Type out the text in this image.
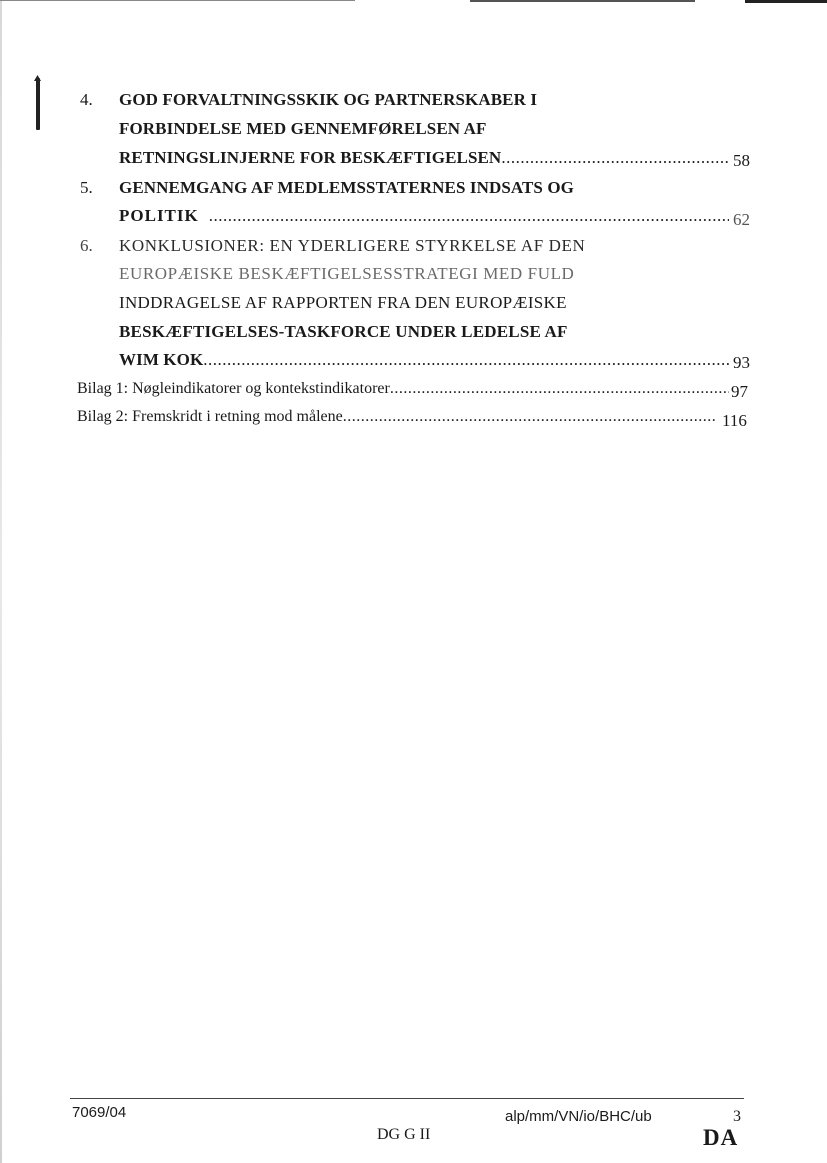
4. GOD FORVALTNINGSSKIK OG PARTNERSKABER I
FORBINDELSE MED GENNEMFØRELSEN AF
RETNINGSLINJERNE FOR BESKÆFTIGELSEN .....	58
5. GENNEMGANG AF MEDLEMSSTATERNES INDSATS OG
POLITIK .....	62
6. KONKLUSIONER: EN YDERLIGERE STYRKELSE AF DEN
EUROPÆISKE BESKÆFTIGELSESSTRATEGI MED FULD
INDDRAGELSE AF RAPPORTEN FRA DEN EUROPÆISKE
BESKÆFTIGELSES-TASKFORCE UNDER LEDELSE AF
WIM KOK .....	93
Bilag 1: Nøgleindikatorer og kontekstindikatorer .....	97
Bilag 2: Fremskridt i retning mod målene .....	116
7069/04	alp/mm/VN/io/BHC/ub	3
DG G II	DA
